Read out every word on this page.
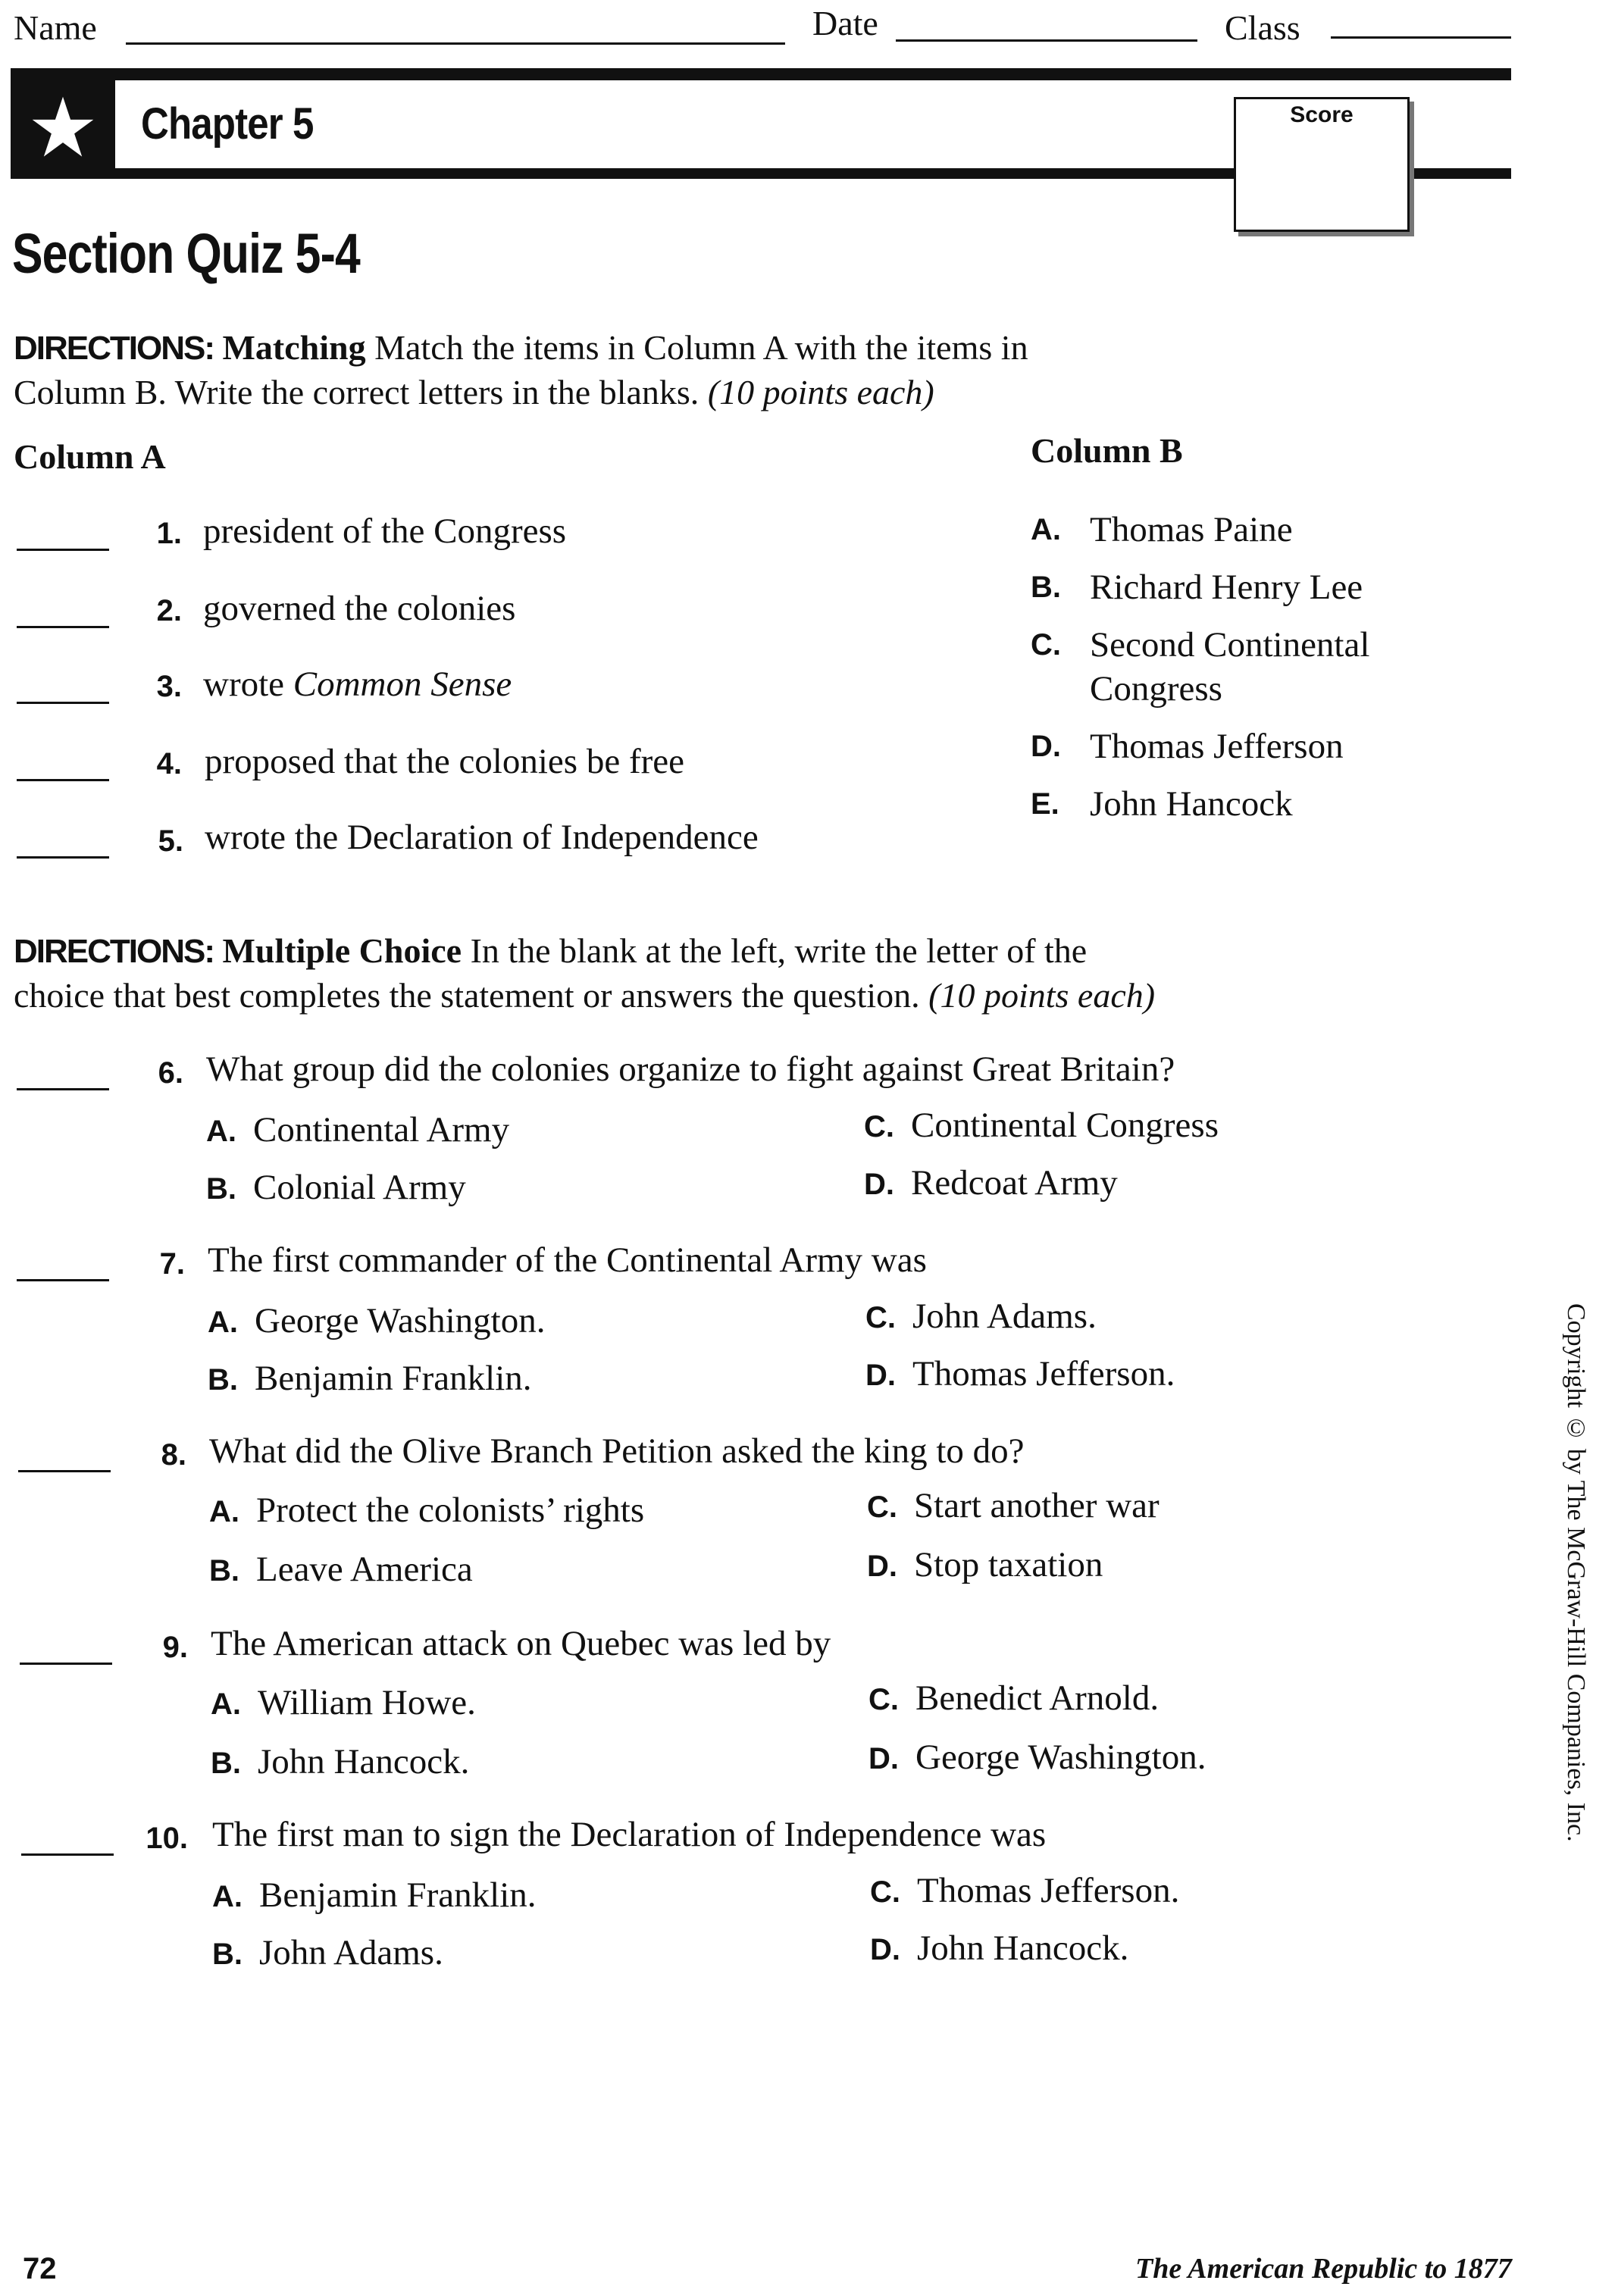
Name	Date	Class
Chapter 5	Score
Section Quiz 5-4
DIRECTIONS: Matching Match the items in Column A with the items in
Column B. Write the correct letters in the blanks. (10 points each)
Column A	Column B
1. president of the Congress
2. governed the colonies
3. wrote Common Sense
4. proposed that the colonies be free
5. wrote the Declaration of Independence
A. Thomas Paine
B. Richard Henry Lee
C. Second Continental
Congress
D. Thomas Jefferson
E. John Hancock
DIRECTIONS: Multiple Choice In the blank at the left, write the letter of the
choice that best completes the statement or answers the question. (10 points each)
6. What group did the colonies organize to fight against Great Britain?
A. Continental Army
B. Colonial Army
C. Continental Congress
D. Redcoat Army
7. The first commander of the Continental Army was
A. George Washington.
B. Benjamin Franklin.
C. John Adams.
D. Thomas Jefferson.
8. What did the Olive Branch Petition asked the king to do?
A. Protect the colonists’ rights
B. Leave America
C. Start another war
D. Stop taxation
9. The American attack on Quebec was led by
A. William Howe.
B. John Hancock.
C. Benedict Arnold.
D. George Washington.
10. The first man to sign the Declaration of Independence was
A. Benjamin Franklin.
B. John Adams.
C. Thomas Jefferson.
D. John Hancock.
Copyright © by The McGraw-Hill Companies, Inc.
72	The American Republic to 1877
